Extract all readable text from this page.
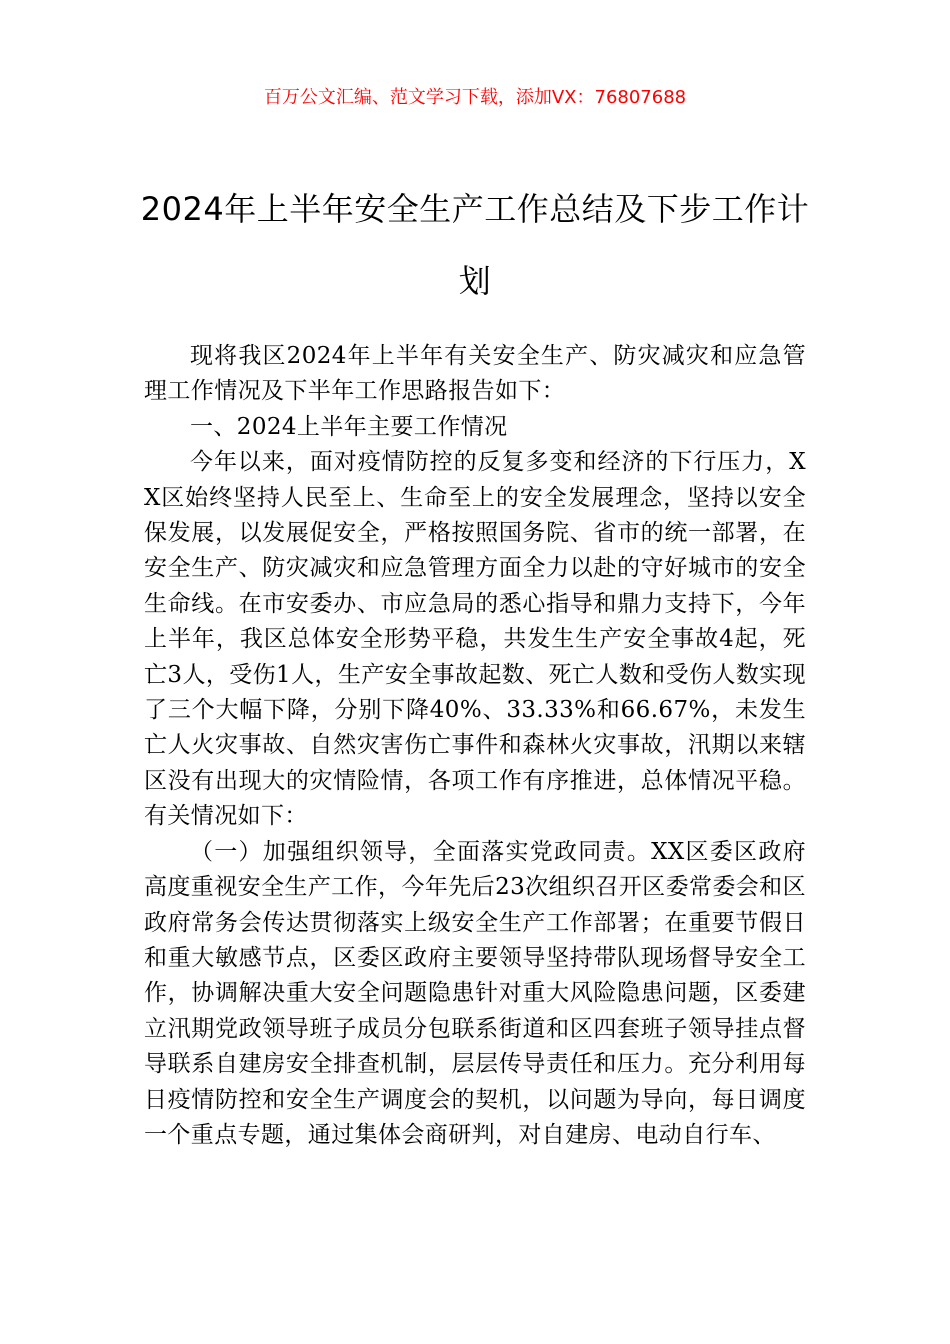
百万公文汇编、范文学习下载，添加VX：76807688
2024年上半年安全生产工作总结及下步工作计划

现将我区2024年上半年有关安全生产、防灾减灾和应急管理工作情况及下半年工作思路报告如下：

一、2024上半年主要工作情况

今年以来，面对疫情防控的反复多变和经济的下行压力，XX区始终坚持人民至上、生命至上的安全发展理念，坚持以安全保发展，以发展促安全，严格按照国务院、省市的统一部署，在安全生产、防灾减灾和应急管理方面全力以赴的守好城市的安全生命线。在市安委办、市应急局的悉心指导和鼎力支持下，今年上半年，我区总体安全形势平稳，共发生生产安全事故4起，死亡3人，受伤1人，生产安全事故起数、死亡人数和受伤人数实现了三个大幅下降，分别下降40%、33.33%和66.67%，未发生亡人火灾事故、自然灾害伤亡事件和森林火灾事故，汛期以来辖区没有出现大的灾情险情，各项工作有序推进，总体情况平稳。有关情况如下：

（一）加强组织领导，全面落实党政同责。XX区委区政府高度重视安全生产工作，今年先后23次组织召开区委常委会和区政府常务会传达贯彻落实上级安全生产工作部署；在重要节假日和重大敏感节点，区委区政府主要领导坚持带队现场督导安全工作，协调解决重大安全问题隐患针对重大风险隐患问题，区委建立汛期党政领导班子成员分包联系街道和区四套班子领导挂点督导联系自建房安全排查机制，层层传导责任和压力。充分利用每日疫情防控和安全生产调度会的契机，以问题为导向，每日调度一个重点专题，通过集体会商研判，对自建房、电动自行车、
